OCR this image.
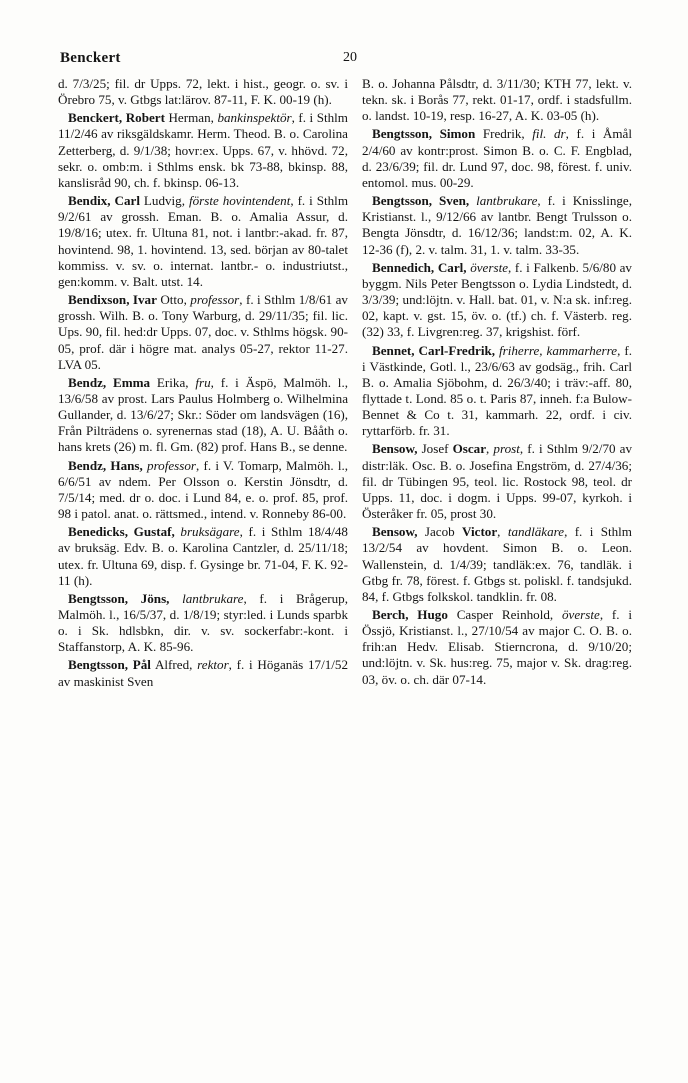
Benckert	20

d. 7/3/25; fil. dr Upps. 72, lekt. i hist., geogr. o. sv. i Örebro 75, v. Gtbgs lat:lärov. 87-11, F. K. 00-19 (h).

Benckert, Robert Herman, bankinspektör, f. i Sthlm 11/2/46 av riksgäldskamr. Herm. Theod. B. o. Carolina Zetterberg, d. 9/1/38; hovr:ex. Upps. 67, v. hhövd. 72, sekr. o. omb:m. i Sthlms ensk. bk 73-88, bkinsp. 88, kanslisråd 90, ch. f. bkinsp. 06-13.

Bendix, Carl Ludvig, förste hovintendent, f. i Sthlm 9/2/61 av grossh. Eman. B. o. Amalia Assur, d. 19/8/16; utex. fr. Ultuna 81, not. i lantbr:-akad. fr. 87, hovintend. 98, 1. hovintend. 13, sed. början av 80-talet kommiss. v. sv. o. internat. lantbr.- o. industriutst., gen:komm. v. Balt. utst. 14.

Bendixson, Ivar Otto, professor, f. i Sthlm 1/8/61 av grossh. Wilh. B. o. Tony Warburg, d. 29/11/35; fil. lic. Ups. 90, fil. hed:dr Upps. 07, doc. v. Sthlms högsk. 90-05, prof. där i högre mat. analys 05-27, rektor 11-27. LVA 05.

Bendz, Emma Erika, fru, f. i Äspö, Malmöh. l., 13/6/58 av prost. Lars Paulus Holmberg o. Wilhelmina Gullander, d. 13/6/27; Skr.: Söder om landsvägen (16), Från Pilträdens o. syrenernas stad (18), A. U. Bååth o. hans krets (26) m. fl. Gm. (82) prof. Hans B., se denne.

Bendz, Hans, professor, f. i V. Tomarp, Malmöh. l., 6/6/51 av ndem. Per Olsson o. Kerstin Jönsdtr, d. 7/5/14; med. dr o. doc. i Lund 84, e. o. prof. 85, prof. 98 i patol. anat. o. rättsmed., intend. v. Ronneby 86-00.

Benedicks, Gustaf, bruksägare, f. i Sthlm 18/4/48 av bruksäg. Edv. B. o. Karolina Cantzler, d. 25/11/18; utex. fr. Ultuna 69, disp. f. Gysinge br. 71-04, F. K. 92-11 (h).

Bengtsson, Jöns, lantbrukare, f. i Brågerup, Malmöh. l., 16/5/37, d. 1/8/19; styr:led. i Lunds sparbk o. i Sk. hdlsbkn, dir. v. sv. sockerfabr:-kont. i Staffanstorp, A. K. 85-96.

Bengtsson, Pål Alfred, rektor, f. i Höganäs 17/1/52 av maskinist Sven

B. o. Johanna Pålsdtr, d. 3/11/30; KTH 77, lekt. v. tekn. sk. i Borås 77, rekt. 01-17, ordf. i stadsfullm. o. landst. 10-19, resp. 16-27, A. K. 03-05 (h).

Bengtsson, Simon Fredrik, fil. dr, f. i Åmål 2/4/60 av kontr:prost. Simon B. o. C. F. Engblad, d. 23/6/39; fil. dr. Lund 97, doc. 98, förest. f. univ. entomol. mus. 00-29.

Bengtsson, Sven, lantbrukare, f. i Knisslinge, Kristianst. l., 9/12/66 av lantbr. Bengt Trulsson o. Bengta Jönsdtr, d. 16/12/36; landst:m. 02, A. K. 12-36 (f), 2. v. talm. 31, 1. v. talm. 33-35.

Bennedich, Carl, överste, f. i Falkenb. 5/6/80 av byggm. Nils Peter Bengtsson o. Lydia Lindstedt, d. 3/3/39; und:löjtn. v. Hall. bat. 01, v. N:a sk. inf:reg. 02, kapt. v. gst. 15, öv. o. (tf.) ch. f. Västerb. reg. (32) 33, f. Livgren:reg. 37, krigshist. förf.

Bennet, Carl-Fredrik, friherre, kammarherre, f. i Västkinde, Gotl. l., 23/6/63 av godsäg., frih. Carl B. o. Amalia Sjöbohm, d. 26/3/40; i träv:-aff. 80, flyttade t. Lond. 85 o. t. Paris 87, inneh. f:a Bulow-Bennet & Co t. 31, kammarh. 22, ordf. i civ. ryttarförb. fr. 31.

Bensow, Josef Oscar, prost, f. i Sthlm 9/2/70 av distr:läk. Osc. B. o. Josefina Engström, d. 27/4/36; fil. dr Tübingen 95, teol. lic. Rostock 98, teol. dr Upps. 11, doc. i dogm. i Upps. 99-07, kyrkoh. i Österåker fr. 05, prost 30.

Bensow, Jacob Victor, tandläkare, f. i Sthlm 13/2/54 av hovdent. Simon B. o. Leon. Wallenstein, d. 1/4/39; tandläk:ex. 76, tandläk. i Gtbg fr. 78, förest. f. Gtbgs st. poliskl. f. tandsjukd. 84, f. Gtbgs folkskol. tandklin. fr. 08.

Berch, Hugo Casper Reinhold, överste, f. i Össjö, Kristianst. l., 27/10/54 av major C. O. B. o. frih:an Hedv. Elisab. Stierncrona, d. 9/10/20; und:löjtn. v. Sk. hus:reg. 75, major v. Sk. drag:reg. 03, öv. o. ch. där 07-14.
